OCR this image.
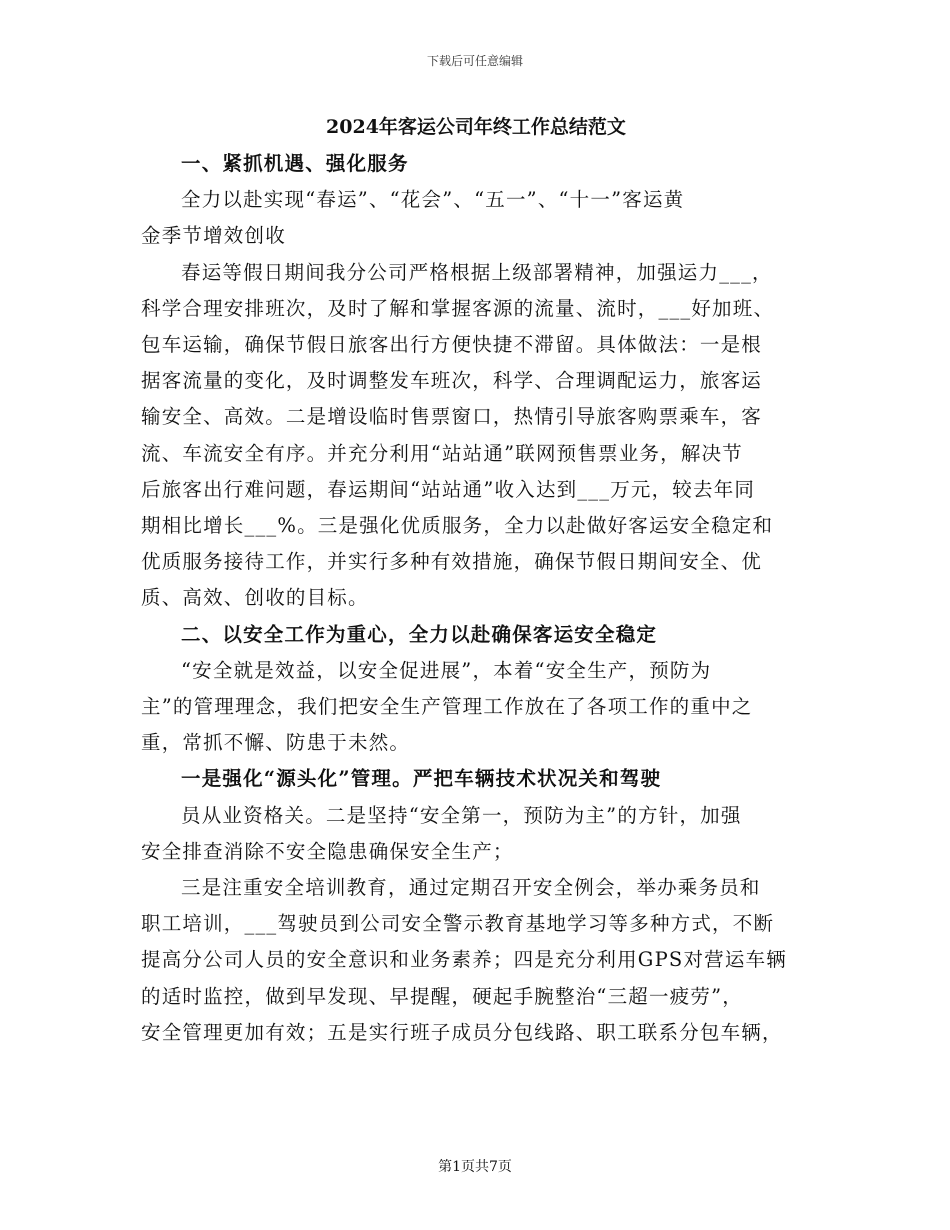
下载后可任意编辑
2024年客运公司年终工作总结范文
一、紧抓机遇、强化服务
全力以赴实现“春运”、“花会”、“五一”、“十一”客运黄
金季节增效创收
春运等假日期间我分公司严格根据上级部署精神，加强运力___，
科学合理安排班次，及时了解和掌握客源的流量、流时，___好加班、
包车运输，确保节假日旅客出行方便快捷不滞留。具体做法：一是根
据客流量的变化，及时调整发车班次，科学、合理调配运力，旅客运
输安全、高效。二是增设临时售票窗口，热情引导旅客购票乘车，客
流、车流安全有序。并充分利用“站站通”联网预售票业务，解决节
后旅客出行难问题，春运期间“站站通”收入达到___万元，较去年同
期相比增长___%。三是强化优质服务，全力以赴做好客运安全稳定和
优质服务接待工作，并实行多种有效措施，确保节假日期间安全、优
质、高效、创收的目标。
二、以安全工作为重心，全力以赴确保客运安全稳定
“安全就是效益，以安全促进展”，本着“安全生产，预防为
主”的管理理念，我们把安全生产管理工作放在了各项工作的重中之
重，常抓不懈、防患于未然。
一是强化“源头化”管理。严把车辆技术状况关和驾驶
员从业资格关。二是坚持“安全第一，预防为主”的方针，加强
安全排查消除不安全隐患确保安全生产；
三是注重安全培训教育，通过定期召开安全例会，举办乘务员和
职工培训，___驾驶员到公司安全警示教育基地学习等多种方式，不断
提高分公司人员的安全意识和业务素养；四是充分利用GPS对营运车辆
的适时监控，做到早发现、早提醒，硬起手腕整治“三超一疲劳”，
安全管理更加有效；五是实行班子成员分包线路、职工联系分包车辆，
第1页共7页
